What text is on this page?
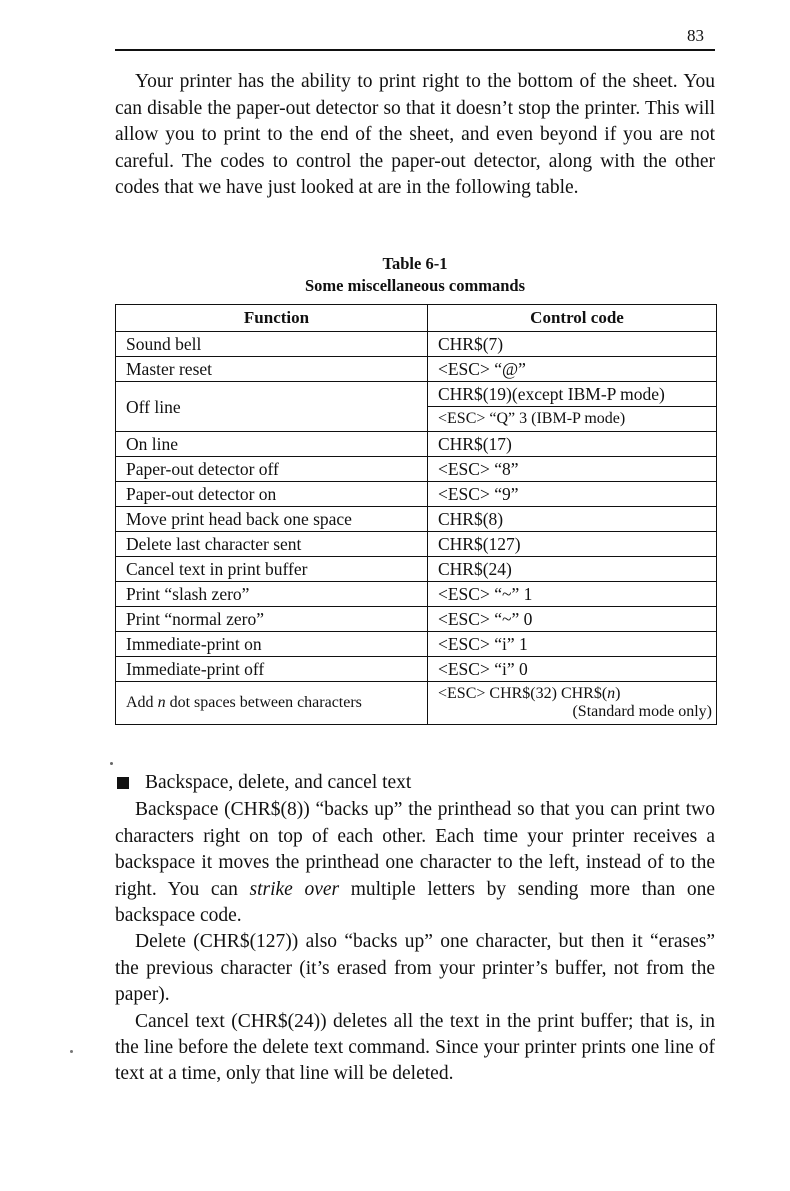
83

Your printer has the ability to print right to the bottom of the sheet. You can disable the paper-out detector so that it doesn’t stop the printer. This will allow you to print to the end of the sheet, and even beyond if you are not careful. The codes to control the paper-out detector, along with the other codes that we have just looked at are in the following table.

Table 6-1
Some miscellaneous commands
Function	Control code
Sound bell	CHR$(7)
Master reset	<ESC> “@”
Off line	CHR$(19)(except IBM-P mode)
	<ESC> “Q” 3 (IBM-P mode)
On line	CHR$(17)
Paper-out detector off	<ESC> “8”
Paper-out detector on	<ESC> “9”
Move print head back one space	CHR$(8)
Delete last character sent	CHR$(127)
Cancel text in print buffer	CHR$(24)
Print “slash zero”	<ESC> “~” 1
Print “normal zero”	<ESC> “~” 0
Immediate-print on	<ESC> “i” 1
Immediate-print off	<ESC> “i” 0
Add n dot spaces between characters	<ESC> CHR$(32) CHR$(n)
(Standard mode only)
Backspace, delete, and cancel text

Backspace (CHR$(8)) “backs up” the printhead so that you can print two characters right on top of each other. Each time your printer receives a backspace it moves the printhead one character to the left, instead of to the right. You can strike over multiple letters by sending more than one backspace code.

Delete (CHR$(127)) also “backs up” one character, but then it “erases” the previous character (it’s erased from your printer’s buffer, not from the paper).

Cancel text (CHR$(24)) deletes all the text in the print buffer; that is, in the line before the delete text command. Since your printer prints one line of text at a time, only that line will be deleted.
